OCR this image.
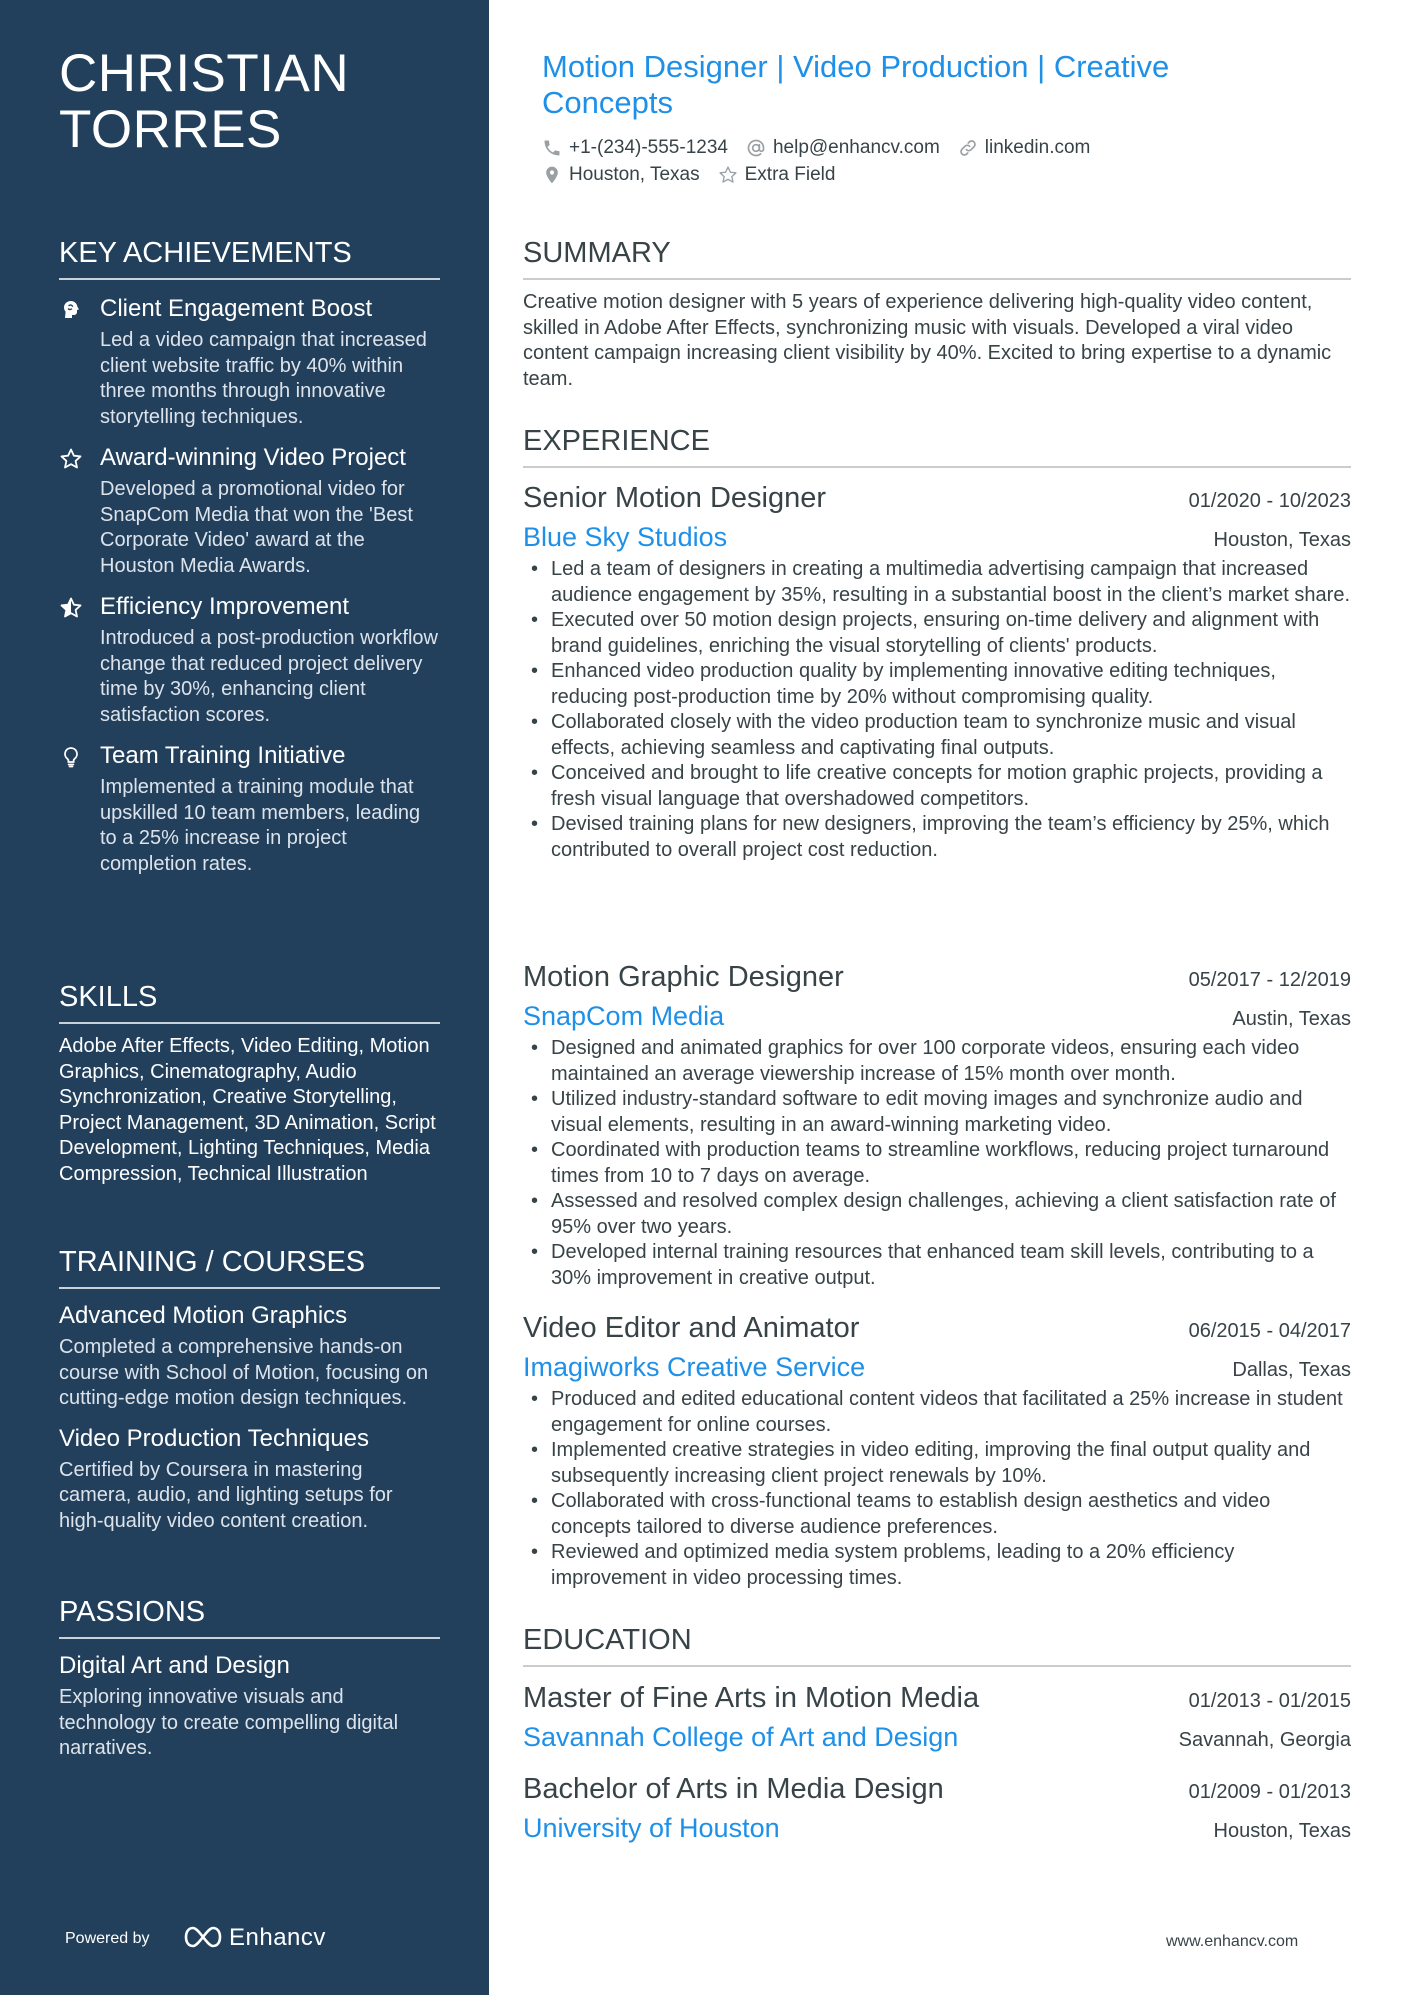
CHRISTIAN TORRES
KEY ACHIEVEMENTS
Client Engagement Boost
Led a video campaign that increased client website traffic by 40% within three months through innovative storytelling techniques.
Award-winning Video Project
Developed a promotional video for SnapCom Media that won the 'Best Corporate Video' award at the Houston Media Awards.
Efficiency Improvement
Introduced a post-production workflow change that reduced project delivery time by 30%, enhancing client satisfaction scores.
Team Training Initiative
Implemented a training module that upskilled 10 team members, leading to a 25% increase in project completion rates.
SKILLS
Adobe After Effects, Video Editing, Motion Graphics, Cinematography, Audio Synchronization, Creative Storytelling, Project Management, 3D Animation, Script Development, Lighting Techniques, Media Compression, Technical Illustration
TRAINING / COURSES
Advanced Motion Graphics
Completed a comprehensive hands-on course with School of Motion, focusing on cutting-edge motion design techniques.
Video Production Techniques
Certified by Coursera in mastering camera, audio, and lighting setups for high-quality video content creation.
PASSIONS
Digital Art and Design
Exploring innovative visuals and technology to create compelling digital narratives.
Powered by	Enhancv
Motion Designer | Video Production | Creative Concepts
+1-(234)-555-1234 help@enhancv.com linkedin.com
Houston, Texas Extra Field
SUMMARY
Creative motion designer with 5 years of experience delivering high-quality video content, skilled in Adobe After Effects, synchronizing music with visuals. Developed a viral video content campaign increasing client visibility by 40%. Excited to bring expertise to a dynamic team.
EXPERIENCE
Senior Motion Designer	01/2020 - 10/2023
Blue Sky Studios	Houston, Texas
• Led a team of designers in creating a multimedia advertising campaign that increased audience engagement by 35%, resulting in a substantial boost in the client’s market share.
• Executed over 50 motion design projects, ensuring on-time delivery and alignment with brand guidelines, enriching the visual storytelling of clients' products.
• Enhanced video production quality by implementing innovative editing techniques, reducing post-production time by 20% without compromising quality.
• Collaborated closely with the video production team to synchronize music and visual effects, achieving seamless and captivating final outputs.
• Conceived and brought to life creative concepts for motion graphic projects, providing a fresh visual language that overshadowed competitors.
• Devised training plans for new designers, improving the team’s efficiency by 25%, which contributed to overall project cost reduction.
Motion Graphic Designer	05/2017 - 12/2019
SnapCom Media	Austin, Texas
• Designed and animated graphics for over 100 corporate videos, ensuring each video maintained an average viewership increase of 15% month over month.
• Utilized industry-standard software to edit moving images and synchronize audio and visual elements, resulting in an award-winning marketing video.
• Coordinated with production teams to streamline workflows, reducing project turnaround times from 10 to 7 days on average.
• Assessed and resolved complex design challenges, achieving a client satisfaction rate of 95% over two years.
• Developed internal training resources that enhanced team skill levels, contributing to a 30% improvement in creative output.
Video Editor and Animator	06/2015 - 04/2017
Imagiworks Creative Service	Dallas, Texas
• Produced and edited educational content videos that facilitated a 25% increase in student engagement for online courses.
• Implemented creative strategies in video editing, improving the final output quality and subsequently increasing client project renewals by 10%.
• Collaborated with cross-functional teams to establish design aesthetics and video concepts tailored to diverse audience preferences.
• Reviewed and optimized media system problems, leading to a 20% efficiency improvement in video processing times.
EDUCATION
Master of Fine Arts in Motion Media	01/2013 - 01/2015
Savannah College of Art and Design	Savannah, Georgia
Bachelor of Arts in Media Design	01/2009 - 01/2013
University of Houston	Houston, Texas
www.enhancv.com
